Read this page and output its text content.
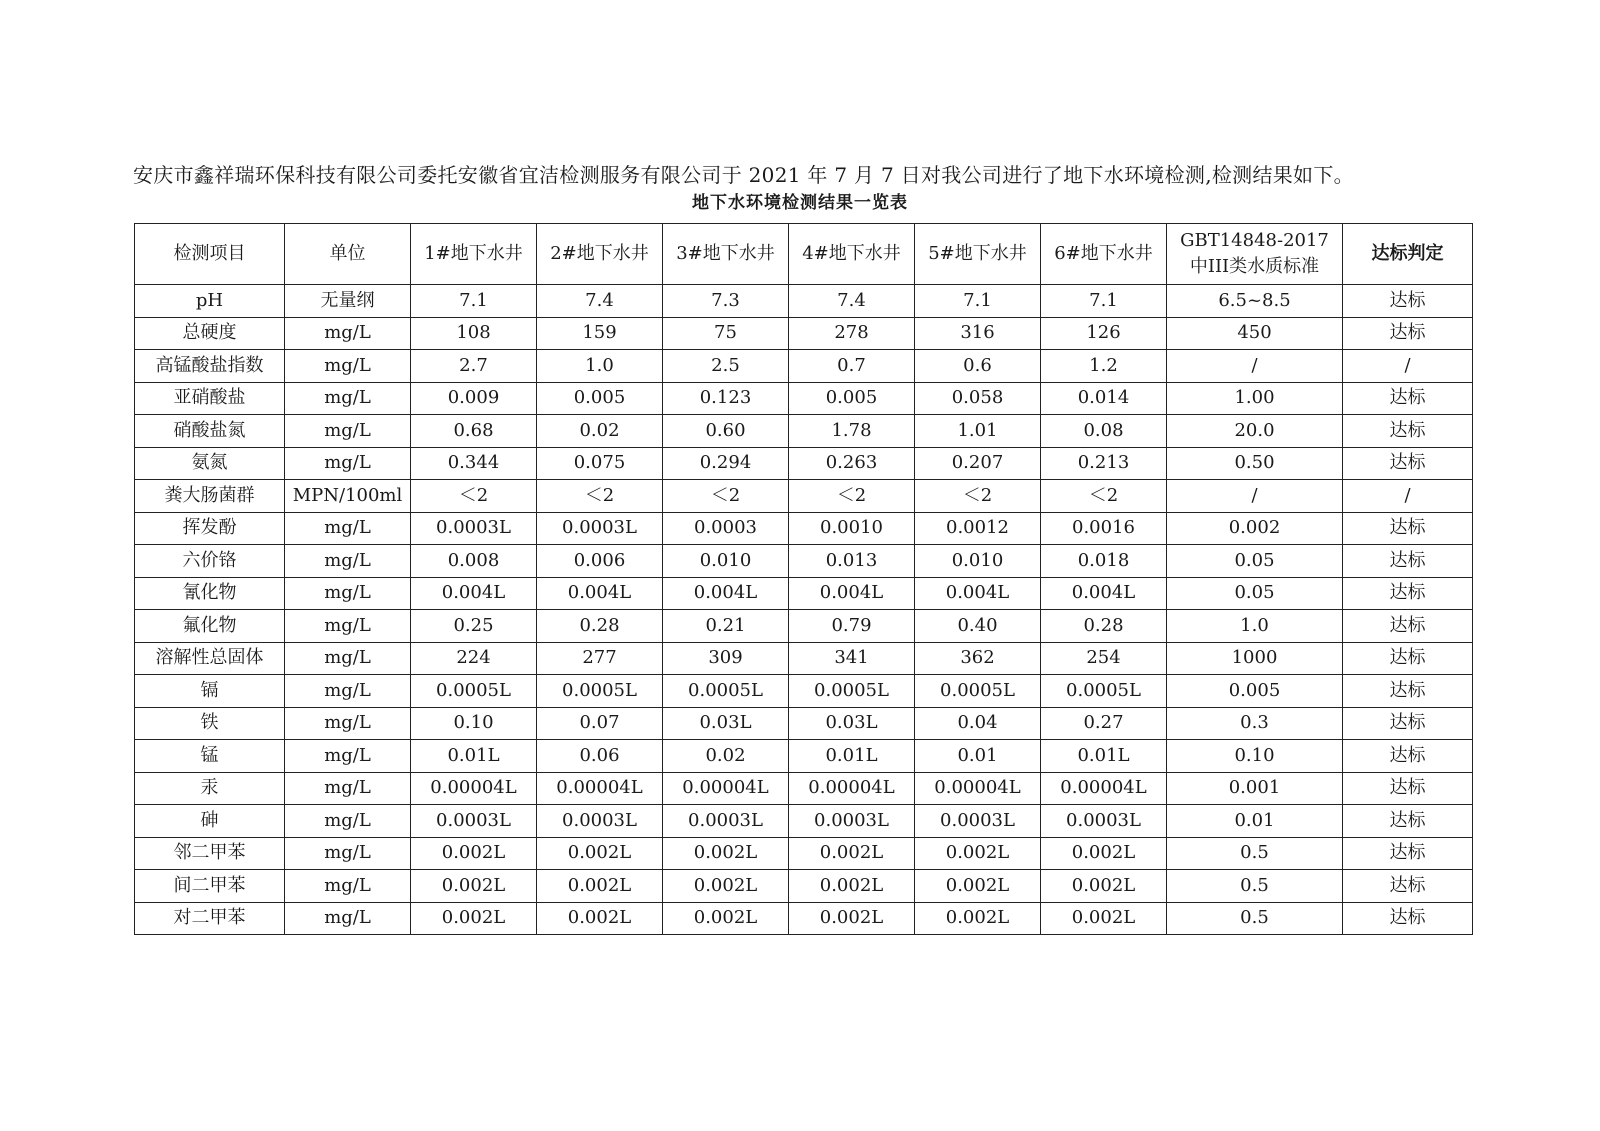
安庆市鑫祥瑞环保科技有限公司委托安徽省宜洁检测服务有限公司于 2021 年 7 月 7 日对我公司进行了地下水环境检测,检测结果如下。

地下水环境检测结果一览表
检测项目	单位	1#地下水井	2#地下水井	3#地下水井	4#地下水井	5#地下水井	6#地下水井	GBT14848-2017
中III类水质标准	达标判定
pH	无量纲	7.1	7.4	7.3	7.4	7.1	7.1	6.5~8.5	达标
总硬度	mg/L	108	159	75	278	316	126	450	达标
高锰酸盐指数	mg/L	2.7	1.0	2.5	0.7	0.6	1.2	/	/
亚硝酸盐	mg/L	0.009	0.005	0.123	0.005	0.058	0.014	1.00	达标
硝酸盐氮	mg/L	0.68	0.02	0.60	1.78	1.01	0.08	20.0	达标
氨氮	mg/L	0.344	0.075	0.294	0.263	0.207	0.213	0.50	达标
粪大肠菌群	MPN/100ml	＜2	＜2	＜2	＜2	＜2	＜2	/	/
挥发酚	mg/L	0.0003L	0.0003L	0.0003	0.0010	0.0012	0.0016	0.002	达标
六价铬	mg/L	0.008	0.006	0.010	0.013	0.010	0.018	0.05	达标
氰化物	mg/L	0.004L	0.004L	0.004L	0.004L	0.004L	0.004L	0.05	达标
氟化物	mg/L	0.25	0.28	0.21	0.79	0.40	0.28	1.0	达标
溶解性总固体	mg/L	224	277	309	341	362	254	1000	达标
镉	mg/L	0.0005L	0.0005L	0.0005L	0.0005L	0.0005L	0.0005L	0.005	达标
铁	mg/L	0.10	0.07	0.03L	0.03L	0.04	0.27	0.3	达标
锰	mg/L	0.01L	0.06	0.02	0.01L	0.01	0.01L	0.10	达标
汞	mg/L	0.00004L	0.00004L	0.00004L	0.00004L	0.00004L	0.00004L	0.001	达标
砷	mg/L	0.0003L	0.0003L	0.0003L	0.0003L	0.0003L	0.0003L	0.01	达标
邻二甲苯	mg/L	0.002L	0.002L	0.002L	0.002L	0.002L	0.002L	0.5	达标
间二甲苯	mg/L	0.002L	0.002L	0.002L	0.002L	0.002L	0.002L	0.5	达标
对二甲苯	mg/L	0.002L	0.002L	0.002L	0.002L	0.002L	0.002L	0.5	达标
